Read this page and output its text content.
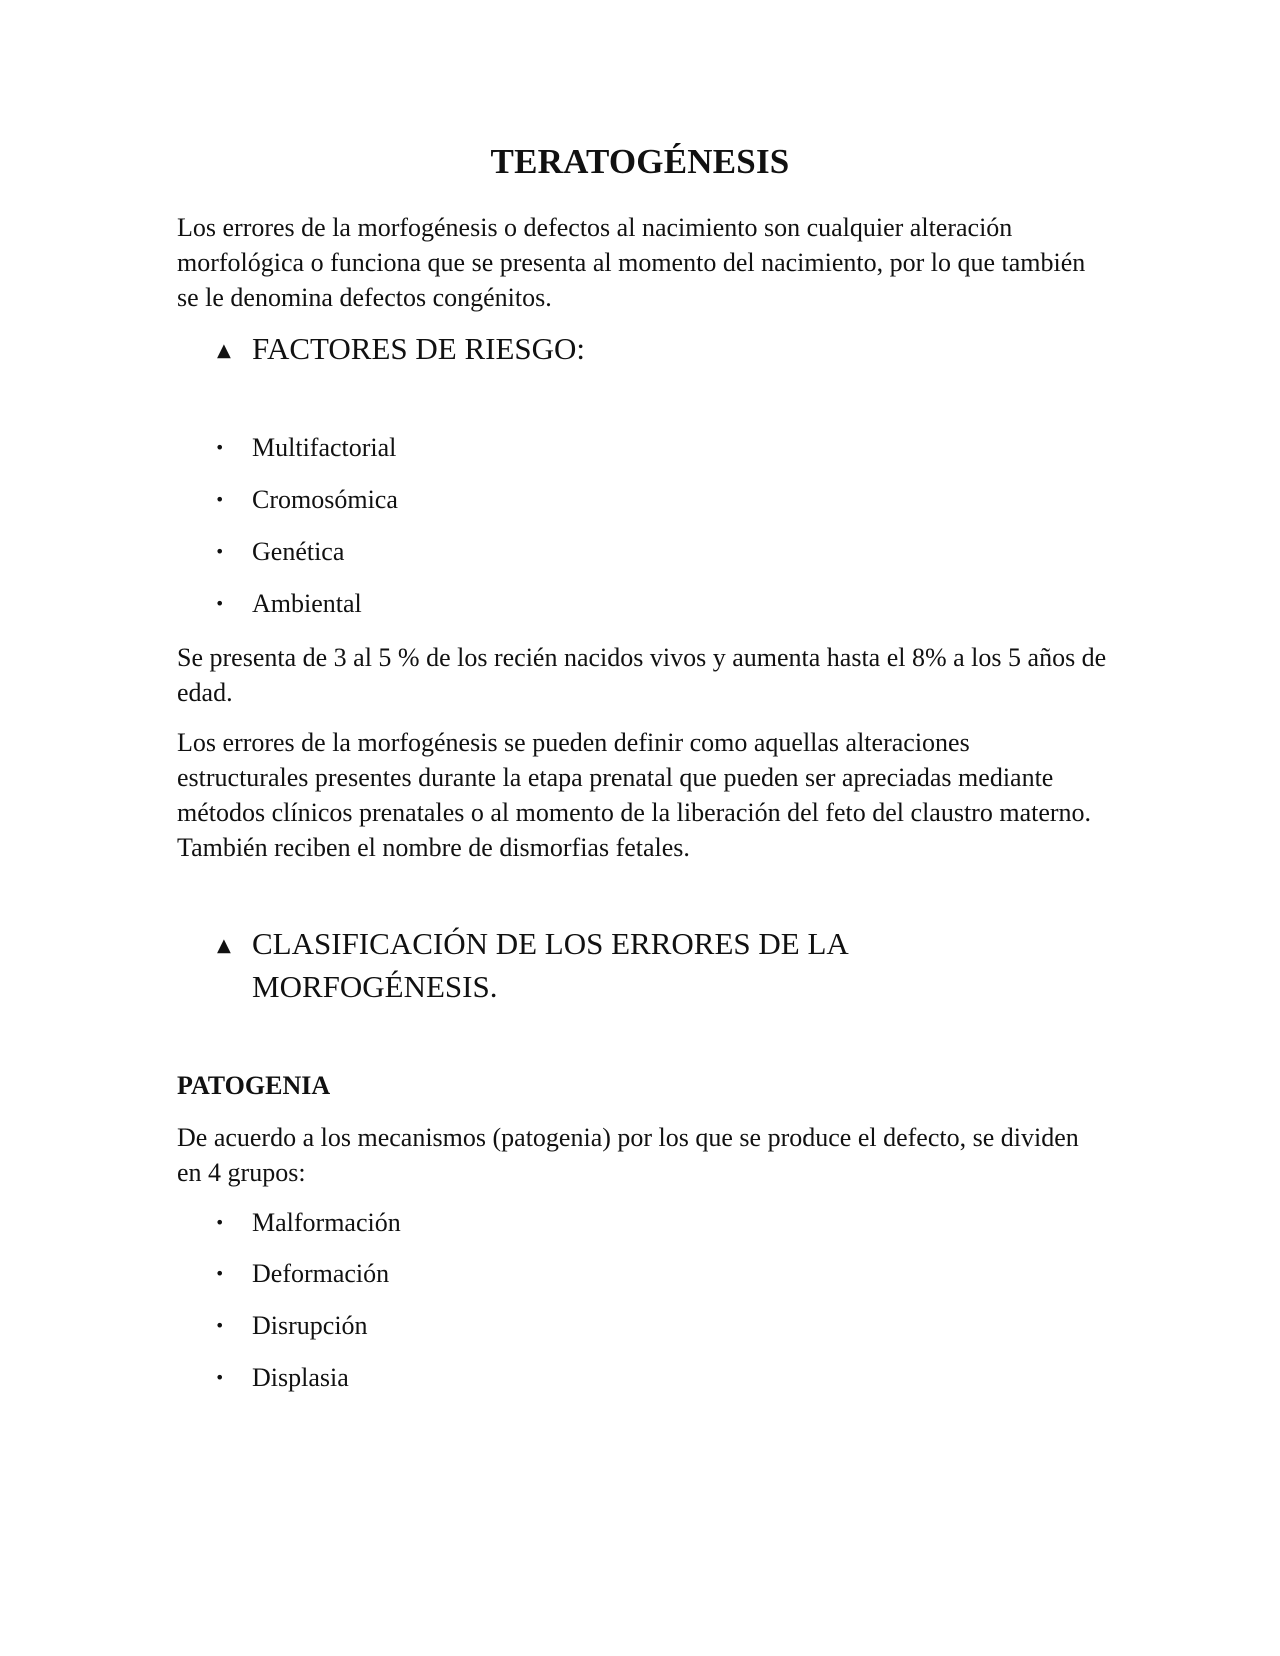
TERATOGÉNESIS

Los errores de la morfogénesis o defectos al nacimiento son cualquier alteración morfológica o funciona que se presenta al momento del nacimiento, por lo que también se le denomina defectos congénitos.

▲ FACTORES DE RIESGO:
• Multifactorial
• Cromosómica
• Genética
• Ambiental

Se presenta de 3 al 5 % de los recién nacidos vivos y aumenta hasta el 8% a los 5 años de edad.

Los errores de la morfogénesis se pueden definir como aquellas alteraciones estructurales presentes durante la etapa prenatal que pueden ser apreciadas mediante métodos clínicos prenatales o al momento de la liberación del feto del claustro materno. También reciben el nombre de dismorfias fetales.

▲ CLASIFICACIÓN DE LOS ERRORES DE LA MORFOGÉNESIS.
PATOGENIA

De acuerdo a los mecanismos (patogenia) por los que se produce el defecto, se dividen en 4 grupos:

• Malformación
• Deformación
• Disrupción
• Displasia
